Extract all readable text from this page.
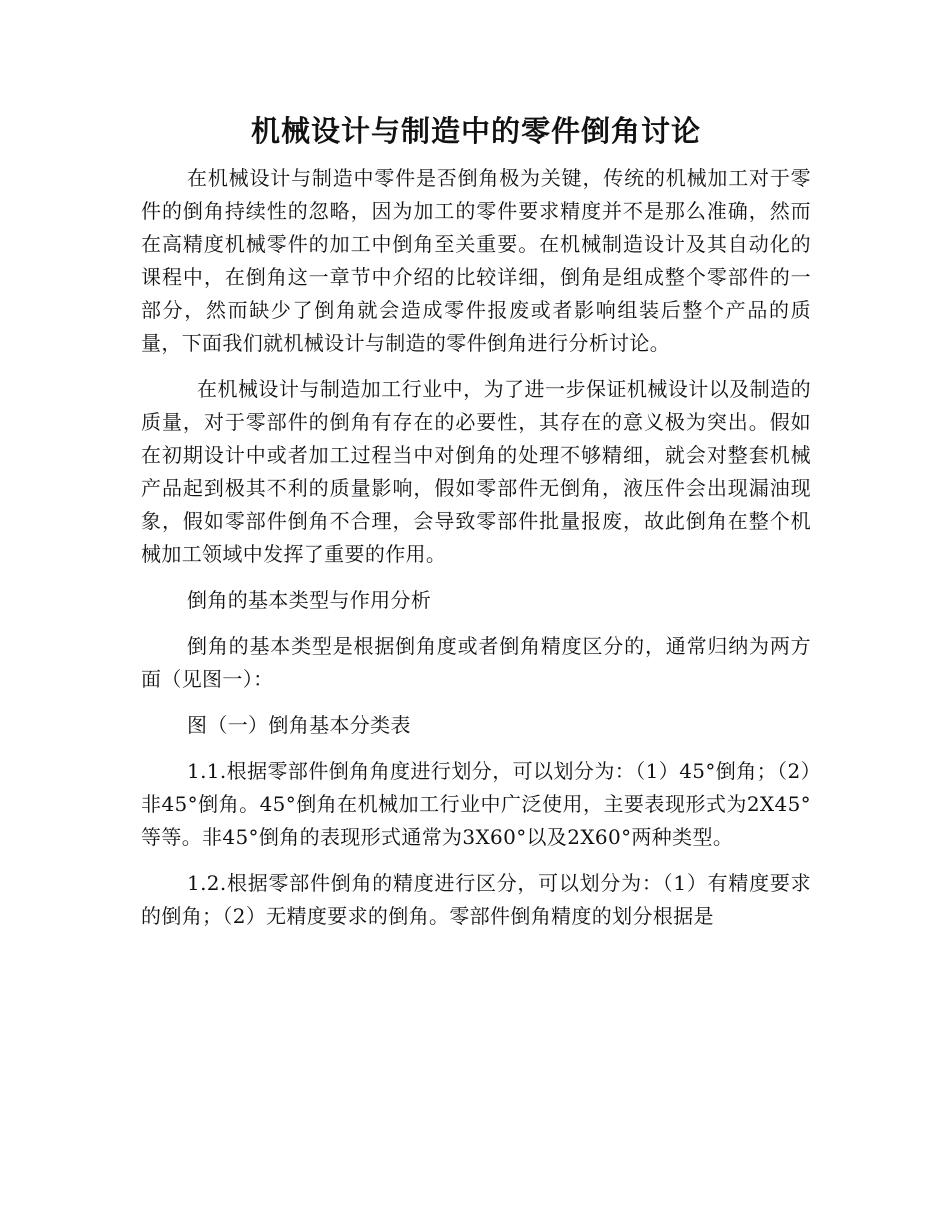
机械设计与制造中的零件倒角讨论

在机械设计与制造中零件是否倒角极为关键，传统的机械加工对于零件的倒角持续性的忽略，因为加工的零件要求精度并不是那么准确，然而在高精度机械零件的加工中倒角至关重要。在机械制造设计及其自动化的课程中，在倒角这一章节中介绍的比较详细，倒角是组成整个零部件的一部分，然而缺少了倒角就会造成零件报废或者影响组装后整个产品的质量，下面我们就机械设计与制造的零件倒角进行分析讨论。

在机械设计与制造加工行业中，为了进一步保证机械设计以及制造的质量，对于零部件的倒角有存在的必要性，其存在的意义极为突出。假如在初期设计中或者加工过程当中对倒角的处理不够精细，就会对整套机械产品起到极其不利的质量影响，假如零部件无倒角，液压件会出现漏油现象，假如零部件倒角不合理，会导致零部件批量报废，故此倒角在整个机械加工领域中发挥了重要的作用。

倒角的基本类型与作用分析

倒角的基本类型是根据倒角度或者倒角精度区分的，通常归纳为两方面（见图一）：

图（一）倒角基本分类表

1.1.根据零部件倒角角度进行划分，可以划分为：（1）45°倒角；（2）非45°倒角。45°倒角在机械加工行业中广泛使用，主要表现形式为2X45°等等。非45°倒角的表现形式通常为3X60°以及2X60°两种类型。

1.2.根据零部件倒角的精度进行区分，可以划分为：（1）有精度要求的倒角；（2）无精度要求的倒角。零部件倒角精度的划分根据是
